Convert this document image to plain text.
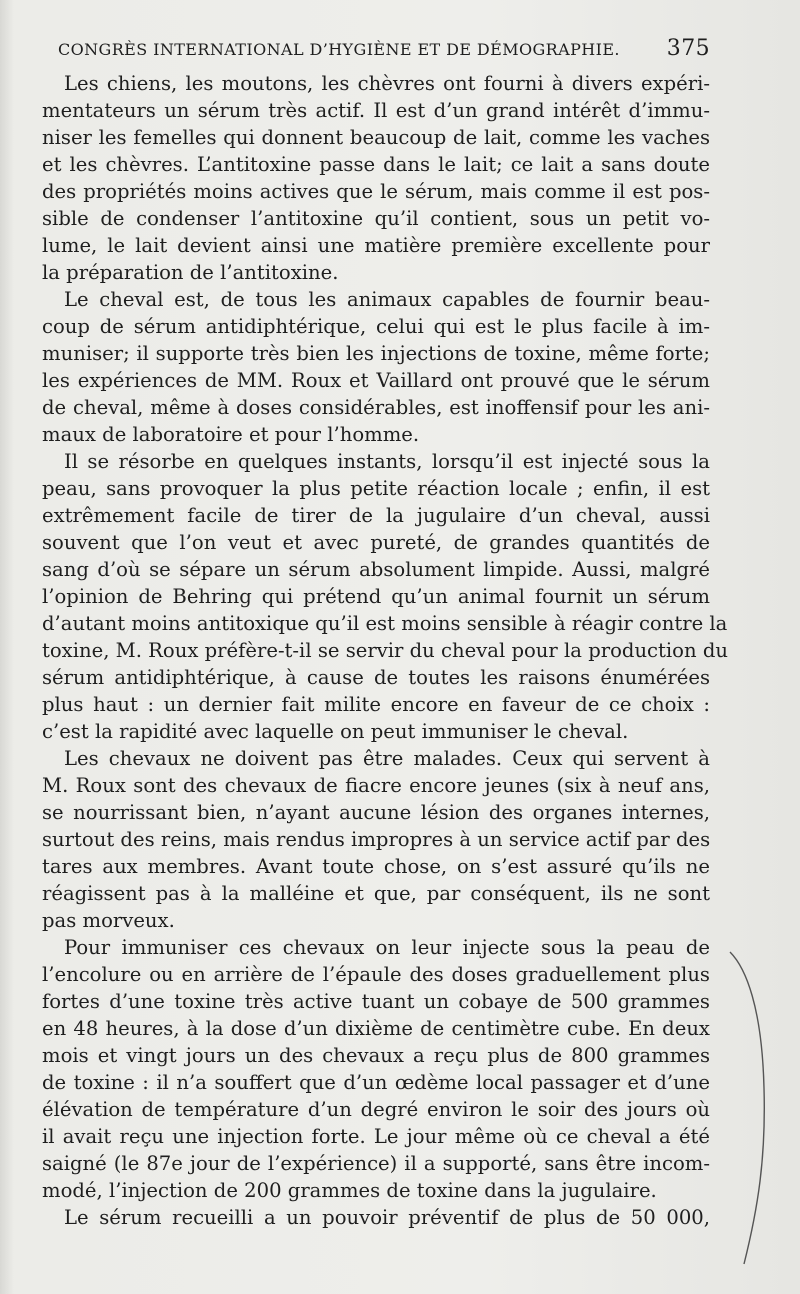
CONGRÈS INTERNATIONAL D’HYGIÈNE ET DE DÉMOGRAPHIE. 375
Les chiens, les moutons, les chèvres ont fourni à divers expéri-
mentateurs un sérum très actif. Il est d’un grand intérêt d’immu-
niser les femelles qui donnent beaucoup de lait, comme les vaches
et les chèvres. L’antitoxine passe dans le lait; ce lait a sans doute
des propriétés moins actives que le sérum, mais comme il est pos-
sible de condenser l’antitoxine qu’il contient, sous un petit vo-
lume, le lait devient ainsi une matière première excellente pour
la préparation de l’antitoxine.
Le cheval est, de tous les animaux capables de fournir beau-
coup de sérum antidiphtérique, celui qui est le plus facile à im-
muniser; il supporte très bien les injections de toxine, même forte;
les expériences de MM. Roux et Vaillard ont prouvé que le sérum
de cheval, même à doses considérables, est inoffensif pour les ani-
maux de laboratoire et pour l’homme.
Il se résorbe en quelques instants, lorsqu’il est injecté sous la
peau, sans provoquer la plus petite réaction locale ; enfin, il est
extrêmement facile de tirer de la jugulaire d’un cheval, aussi
souvent que l’on veut et avec pureté, de grandes quantités de
sang d’où se sépare un sérum absolument limpide. Aussi, malgré
l’opinion de Behring qui prétend qu’un animal fournit un sérum
d’autant moins antitoxique qu’il est moins sensible à réagir contre la
toxine, M. Roux préfère-t-il se servir du cheval pour la production du
sérum antidiphtérique, à cause de toutes les raisons énumérées
plus haut : un dernier fait milite encore en faveur de ce choix :
c’est la rapidité avec laquelle on peut immuniser le cheval.
Les chevaux ne doivent pas être malades. Ceux qui servent à
M. Roux sont des chevaux de fiacre encore jeunes (six à neuf ans,
se nourrissant bien, n’ayant aucune lésion des organes internes,
surtout des reins, mais rendus impropres à un service actif par des
tares aux membres. Avant toute chose, on s’est assuré qu’ils ne
réagissent pas à la malléine et que, par conséquent, ils ne sont
pas morveux.
Pour immuniser ces chevaux on leur injecte sous la peau de
l’encolure ou en arrière de l’épaule des doses graduellement plus
fortes d’une toxine très active tuant un cobaye de 500 grammes
en 48 heures, à la dose d’un dixième de centimètre cube. En deux
mois et vingt jours un des chevaux a reçu plus de 800 grammes
de toxine : il n’a souffert que d’un œdème local passager et d’une
élévation de température d’un degré environ le soir des jours où
il avait reçu une injection forte. Le jour même où ce cheval a été
saigné (le 87e jour de l’expérience) il a supporté, sans être incom-
modé, l’injection de 200 grammes de toxine dans la jugulaire.
Le sérum recueilli a un pouvoir préventif de plus de 50 000,
